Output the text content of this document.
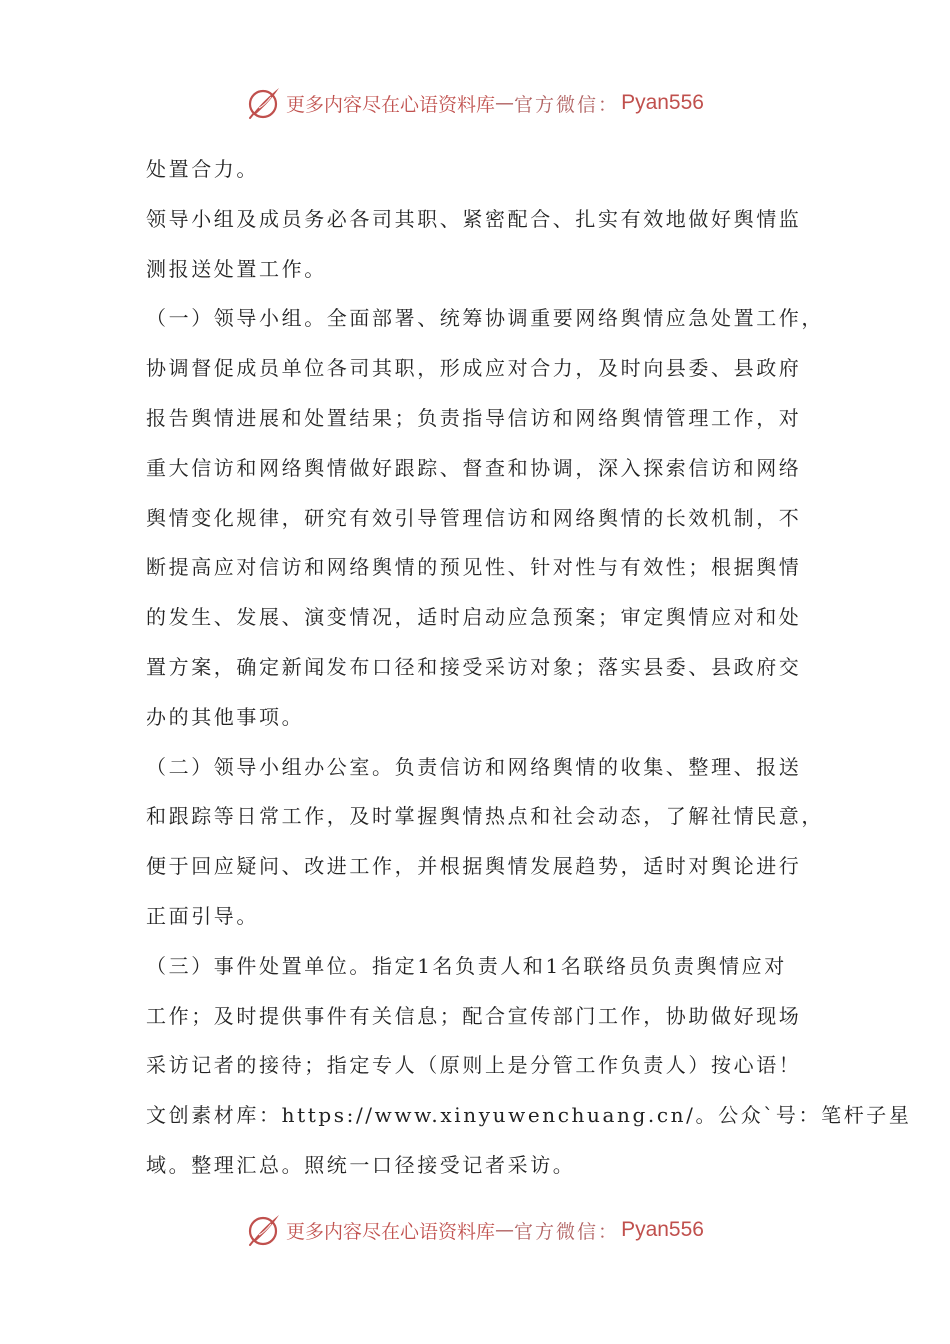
更多内容尽在心语资料库 — 官方微信： Pyan556
处置合力。
领导小组及成员务必各司其职、紧密配合、扎实有效地做好舆情监
测报送处置工作。
（一）领导小组。全面部署、统筹协调重要网络舆情应急处置工作，
协调督促成员单位各司其职，形成应对合力，及时向县委、县政府
报告舆情进展和处置结果；负责指导信访和网络舆情管理工作，对
重大信访和网络舆情做好跟踪、督查和协调，深入探索信访和网络
舆情变化规律，研究有效引导管理信访和网络舆情的长效机制，不
断提高应对信访和网络舆情的预见性、针对性与有效性；根据舆情
的发生、发展、演变情况，适时启动应急预案；审定舆情应对和处
置方案，确定新闻发布口径和接受采访对象；落实县委、县政府交
办的其他事项。
（二）领导小组办公室。负责信访和网络舆情的收集、整理、报送
和跟踪等日常工作，及时掌握舆情热点和社会动态，了解社情民意，
便于回应疑问、改进工作，并根据舆情发展趋势，适时对舆论进行
正面引导。
（三）事件处置单位。指定1名负责人和1名联络员负责舆情应对
工作；及时提供事件有关信息；配合宣传部门工作，协助做好现场
采访记者的接待；指定专人（原则上是分管工作负责人）按心语！
文创素材库：https://www.xinyuwenchuang.cn/。公众`号：笔杆子星
域。整理汇总。照统一口径接受记者采访。
更多内容尽在心语资料库 — 官方微信： Pyan556
